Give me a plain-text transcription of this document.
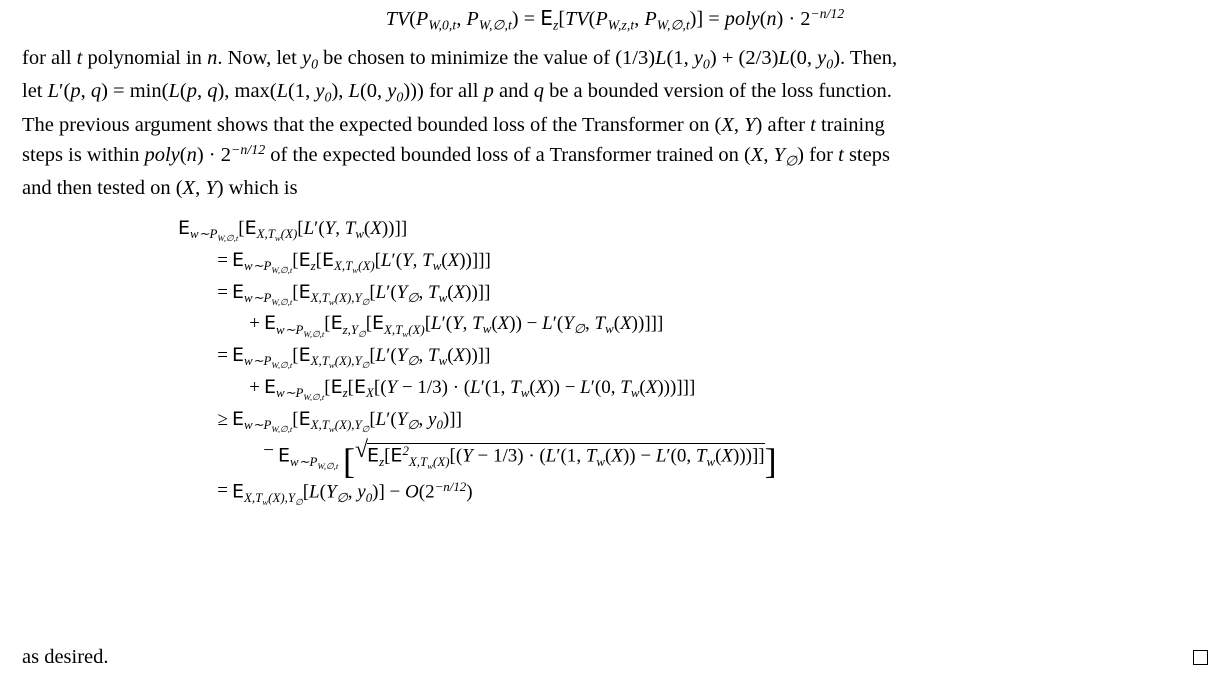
$TV(P_{W,0,t}$, $P_{W,\emptyset,t}) = E_z[TV(P_{W,z,t}$, $P_{W,\emptyset,t}$)] = poly(n) · $2^{-n/12}$
for all t polynomial in n. Now, let $y_0$ be chosen to minimize the value of (1/3)L(1, $y_0) + (2/3)L(0$, $y_0$). Then,
let L′(p, q) = min(L(p, q), max(L(1, $y_0$), L(0, $y_0$))) for all p and q be a bounded version of the loss function.
The previous argument shows that the expected bounded loss of the Transformer on (X, Y) after t training
steps is within poly(n) · $2^{-n/12}$ of the expected bounded loss of a Transformer trained on (X, $Y_\emptyset$) for t steps
and then tested on (X, Y) which is
$E_{w\sim P_{W,\emptyset,t}}[E_{X,T_w(X)}[L'(Y$, $T_w(X)$)]]
= $E_{w\sim P_{W,\emptyset,t}}[E_z[E_{X,T_w(X)}[L'(Y$, $T_w(X)$)]]]
= $E_{w\sim P_{W,\emptyset,t}}[E_{X,T_w(X),Y_\emptyset}[L'(Y_\emptyset$, $T_w(X)$)]]
+ $E_{w\sim P_{W,\emptyset,t}}[E_{z,Y_\emptyset}[E_{X,T_w(X)}[L'(Y$, $T_w(X)) - L'(Y_\emptyset$, $T_w(X)$)]]]
= $E_{w\sim P_{W,\emptyset,t}}[E_{X,T_w(X),Y_\emptyset}[L'(Y_\emptyset$, $T_w(X)$)]]
+ $E_{w\sim P_{W,\emptyset,t}}[E_z[E_X[(Y - 1/3) \cdot (L'(1$, $T_w(X)) - L'(0$, $T_w(X)$))]]]
≥ $E_{w\sim P_{W,\emptyset,t}}[E_{X,T_w(X),Y_\emptyset}[L'(Y_\emptyset$, $y_0$)]]
− $E_{w\sim P_{W,\emptyset,t}}$ [ √ $E_z[E^2_{X,T_w(X)}[(Y - 1/3) \cdot (L'(1$, $T_w(X)) - L'(0$, $T_w(X)$))]]]
= $E_{X,T_w(X),Y_\emptyset}[L(Y_\emptyset$, $y_0)] - O(2^{-n/12})$
as desired.
